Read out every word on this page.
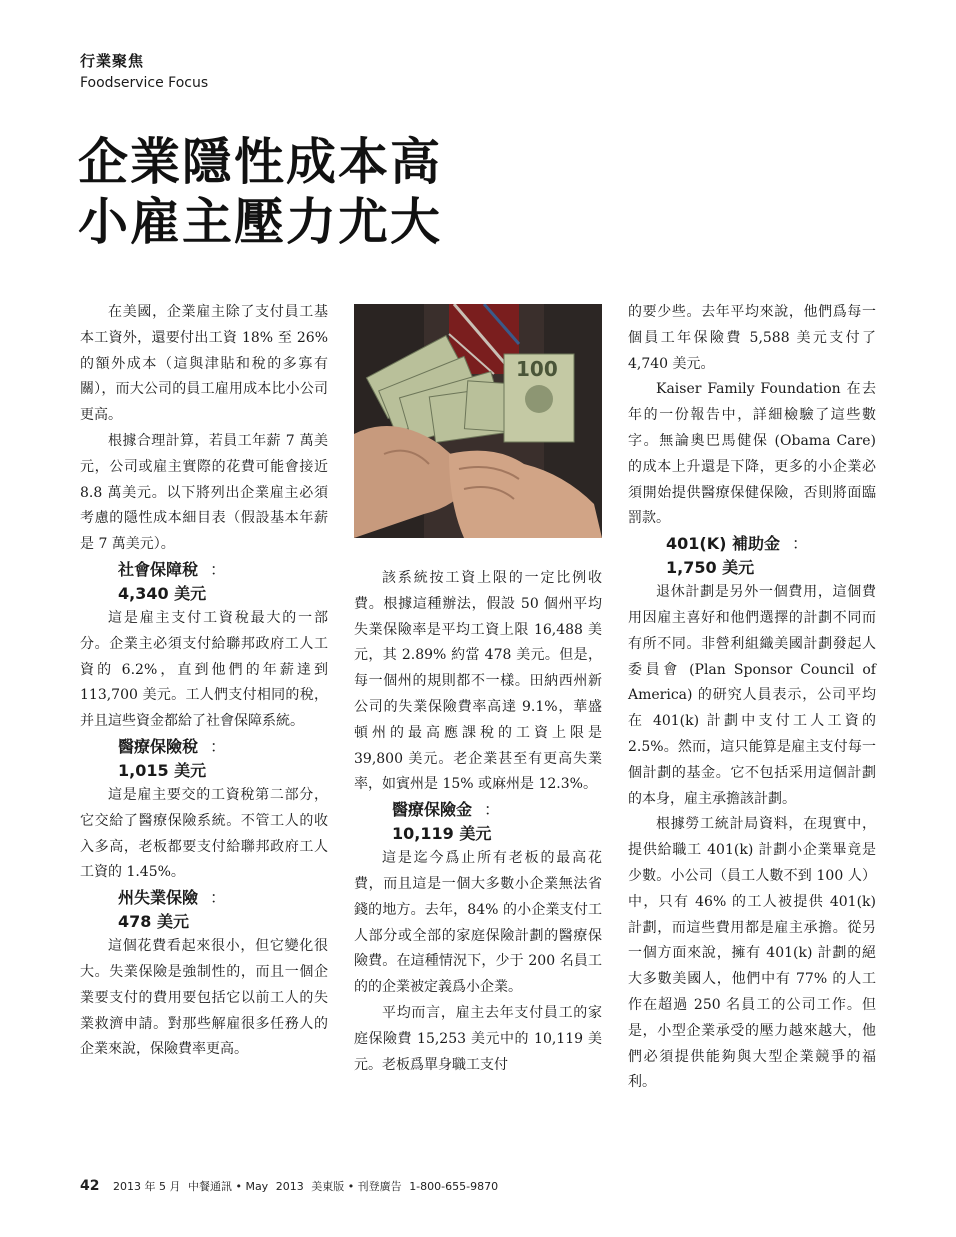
行業聚焦
Foodservice Focus
企業隱性成本高
小雇主壓力尤大

在美國，企業雇主除了支付員工基本工資外，還要付出工資 18% 至 26% 的額外成本（這與津貼和稅的多寡有關），而大公司的員工雇用成本比小公司更高。

根據合理計算，若員工年薪 7 萬美元，公司或雇主實際的花費可能會接近 8.8 萬美元。以下將列出企業雇主必須考慮的隱性成本細目表（假設基本年薪是 7 萬美元）。

社會保障稅 ：
4,340 美元

這是雇主支付工資稅最大的一部分。企業主必須支付給聯邦政府工人工資的 6.2%，直到他們的年薪達到 113,700 美元。工人們支付相同的稅，并且這些資金都給了社會保障系統。

醫療保險稅 ：
1,015 美元

這是雇主要交的工資稅第二部分，它交給了醫療保險系統。不管工人的收入多高，老板都要支付給聯邦政府工人工資的 1.45%。

州失業保險 ：
478 美元

這個花費看起來很小，但它變化很大。失業保險是強制性的，而且一個企業要支付的費用要包括它以前工人的失業救濟申請。對那些解雇很多任務人的企業來說，保險費率更高。

100

該系統按工資上限的一定比例收費。根據這種辦法，假設 50 個州平均失業保險率是平均工資上限 16,488 美元，其 2.89% 約當 478 美元。但是，每一個州的規則都不一樣。田納西州新公司的失業保險費率高達 9.1%，華盛頓州的最高應課稅的工資上限是 39,800 美元。老企業甚至有更高失業率，如賓州是 15% 或麻州是 12.3%。

醫療保險金 ：
10,119 美元

這是迄今爲止所有老板的最高花費，而且這是一個大多數小企業無法省錢的地方。去年，84% 的小企業支付工人部分或全部的家庭保險計劃的醫療保險費。在這種情況下，少于 200 名員工的的企業被定義爲小企業。

平均而言，雇主去年支付員工的家庭保險費 15,253 美元中的 10,119 美元。老板爲單身職工支付

的要少些。去年平均來說，他們爲每一個員工年保險費 5,588 美元支付了 4,740 美元。

Kaiser Family Foundation 在去年的一份報告中，詳細檢驗了這些數字。無論奧巴馬健保 (Obama Care) 的成本上升還是下降，更多的小企業必須開始提供醫療保健保險，否則將面臨罰款。

401(K) 補助金 ：
1,750 美元

退休計劃是另外一個費用，這個費用因雇主喜好和他們選擇的計劃不同而有所不同。非營利組織美國計劃發起人委員會 (Plan Sponsor Council of America) 的研究人員表示，公司平均在 401(k) 計劃中支付工人工資的 2.5%。然而，這只能算是雇主支付每一個計劃的基金。它不包括采用這個計劃的本身，雇主承擔該計劃。

根據勞工統計局資料，在現實中，提供給職工 401(k) 計劃小企業畢竟是少數。小公司（員工人數不到 100 人）中，只有 46% 的工人被提供 401(k) 計劃，而這些費用都是雇主承擔。從另一個方面來說，擁有 401(k) 計劃的絕大多數美國人，他們中有 77% 的人工作在超過 250 名員工的公司工作。但是，小型企業承受的壓力越來越大，他們必須提供能夠與大型企業競爭的福利。

42 2013 年 5 月 中餐通訊 • May 2013 美東版 • 刊登廣告 1-800-655-9870
